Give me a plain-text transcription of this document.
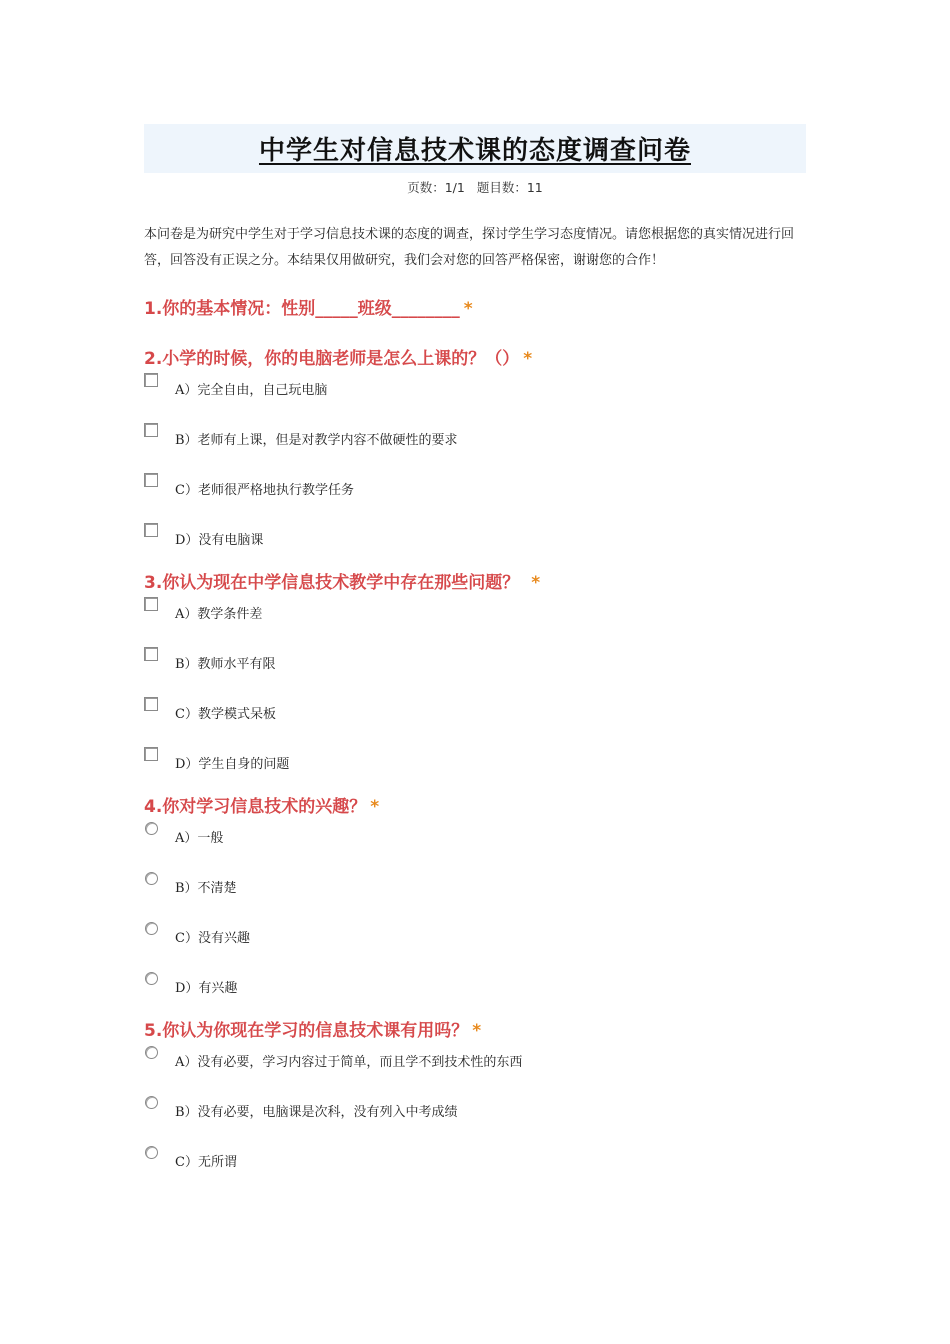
中学生对信息技术课的态度调查问卷
页数：1/1 题目数：11
本问卷是为研究中学生对于学习信息技术课的态度的调查，探讨学生学习态度情况。请您根据您的真实情况进行回答，回答没有正误之分。本结果仅用做研究，我们会对您的回答严格保密，谢谢您的合作！
1.你的基本情况：性别_____班级________ *
2.小学的时候，你的电脑老师是怎么上课的？（） *
A）完全自由，自己玩电脑
B）老师有上课，但是对教学内容不做硬性的要求
C）老师很严格地执行教学任务
D）没有电脑课
3.你认为现在中学信息技术教学中存在那些问题？ *
A）教学条件差
B）教师水平有限
C）教学模式呆板
D）学生自身的问题
4.你对学习信息技术的兴趣？ *
A）一般
B）不清楚
C）没有兴趣
D）有兴趣
5.你认为你现在学习的信息技术课有用吗？ *
A）没有必要，学习内容过于简单，而且学不到技术性的东西
B）没有必要，电脑课是次科，没有列入中考成绩
C）无所谓
